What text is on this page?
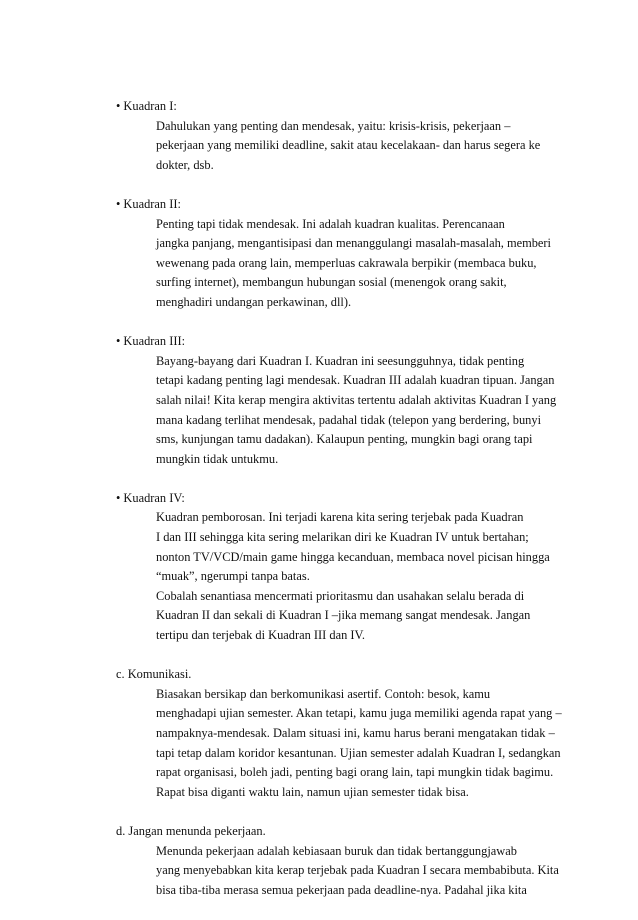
• Kuadran I:

Dahulukan yang penting dan mendesak, yaitu: krisis-krisis, pekerjaan –
pekerjaan yang memiliki deadline, sakit atau kecelakaan- dan harus segera ke
dokter, dsb.

• Kuadran II:

Penting tapi tidak mendesak. Ini adalah kuadran kualitas. Perencanaan
jangka panjang, mengantisipasi dan menanggulangi masalah-masalah, memberi
wewenang pada orang lain, memperluas cakrawala berpikir (membaca buku,
surfing internet), membangun hubungan sosial (menengok orang sakit,
menghadiri undangan perkawinan, dll).

• Kuadran III:

Bayang-bayang dari Kuadran I. Kuadran ini seesungguhnya, tidak penting
tetapi kadang penting lagi mendesak. Kuadran III adalah kuadran tipuan. Jangan
salah nilai! Kita kerap mengira aktivitas tertentu adalah aktivitas Kuadran I yang
mana kadang terlihat mendesak, padahal tidak (telepon yang berdering, bunyi
sms, kunjungan tamu dadakan). Kalaupun penting, mungkin bagi orang tapi
mungkin tidak untukmu.

• Kuadran IV:

Kuadran pemborosan. Ini terjadi karena kita sering terjebak pada Kuadran
I dan III sehingga kita sering melarikan diri ke Kuadran IV untuk bertahan;
nonton TV/VCD/main game hingga kecanduan, membaca novel picisan hingga
“muak”, ngerumpi tanpa batas.

Cobalah senantiasa mencermati prioritasmu dan usahakan selalu berada di
Kuadran II dan sekali di Kuadran I –jika memang sangat mendesak. Jangan
tertipu dan terjebak di Kuadran III dan IV.

c. Komunikasi.

Biasakan bersikap dan berkomunikasi asertif. Contoh: besok, kamu
menghadapi ujian semester. Akan tetapi, kamu juga memiliki agenda rapat yang –
nampaknya-mendesak. Dalam situasi ini, kamu harus berani mengatakan tidak –
tapi tetap dalam koridor kesantunan. Ujian semester adalah Kuadran I, sedangkan
rapat organisasi, boleh jadi, penting bagi orang lain, tapi mungkin tidak bagimu.
Rapat bisa diganti waktu lain, namun ujian semester tidak bisa.

d. Jangan menunda pekerjaan.

Menunda pekerjaan adalah kebiasaan buruk dan tidak bertanggungjawab
yang menyebabkan kita kerap terjebak pada Kuadran I secara membabibuta. Kita
bisa tiba-tiba merasa semua pekerjaan pada deadline-nya. Padahal jika kita
